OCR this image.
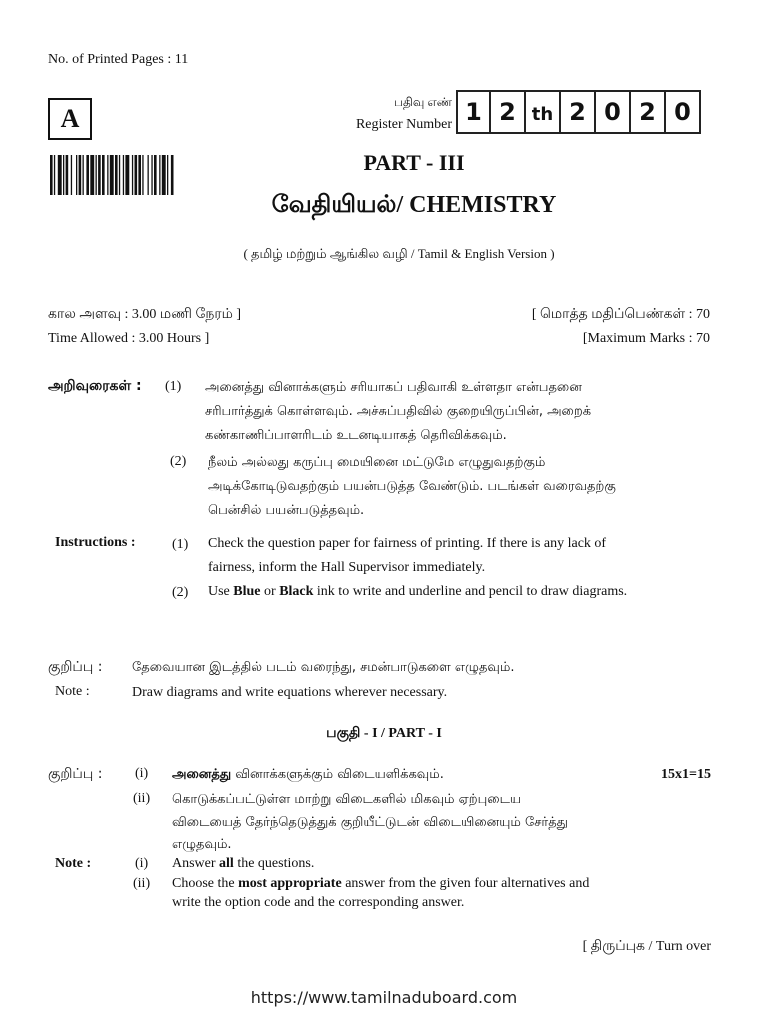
No. of Printed Pages : 11
A
பதிவு எண்
Register Number 1 2 th 2 0 2 0
PART - III
வேதியியல்/ CHEMISTRY
( தமிழ் மற்றும் ஆங்கில வழி / Tamil & English Version )
கால அளவு : 3.00 மணி நேரம் ]
Time Allowed : 3.00 Hours ]
[ மொத்த மதிப்பெண்கள் : 70
[Maximum Marks : 70
அறிவுரைகள் : (1) அனைத்து வினாக்களும் சரியாகப் பதிவாகி உள்ளதா என்பதனை
சரிபார்த்துக் கொள்ளவும். அச்சுப்பதிவில் குறையிருப்பின், அறைக்
கண்காணிப்பாளரிடம் உடனடியாகத் தெரிவிக்கவும்.
(2) நீலம் அல்லது கருப்பு மையினை மட்டுமே எழுதுவதற்கும்
அடிக்கோடிடுவதற்கும் பயன்படுத்த வேண்டும். படங்கள் வரைவதற்கு
பென்சில் பயன்படுத்தவும்.
Instructions :	(1) Check the question paper for fairness of printing. If there is any lack of
fairness, inform the Hall Supervisor immediately.
(2) Use Blue or Black ink to write and underline and pencil to draw diagrams.
குறிப்பு : தேவையான இடத்தில் படம் வரைந்து, சமன்பாடுகளை எழுதவும்.
Note :	Draw diagrams and write equations wherever necessary.
பகுதி - I / PART - I
குறிப்பு : (i) அனைத்து வினாக்களுக்கும் விடையளிக்கவும்.	15x1=15
(ii) கொடுக்கப்பட்டுள்ள மாற்று விடைகளில் மிகவும் ஏற்புடைய
விடையைத் தேர்ந்தெடுத்துக் குறியீட்டுடன் விடையினையும் சேர்த்து
எழுதவும்.
Note :	(i) Answer all the questions.
(ii) Choose the most appropriate answer from the given four alternatives and
write the option code and the corresponding answer.
[ திருப்புக / Turn over
https://www.tamilnaduboard.com
